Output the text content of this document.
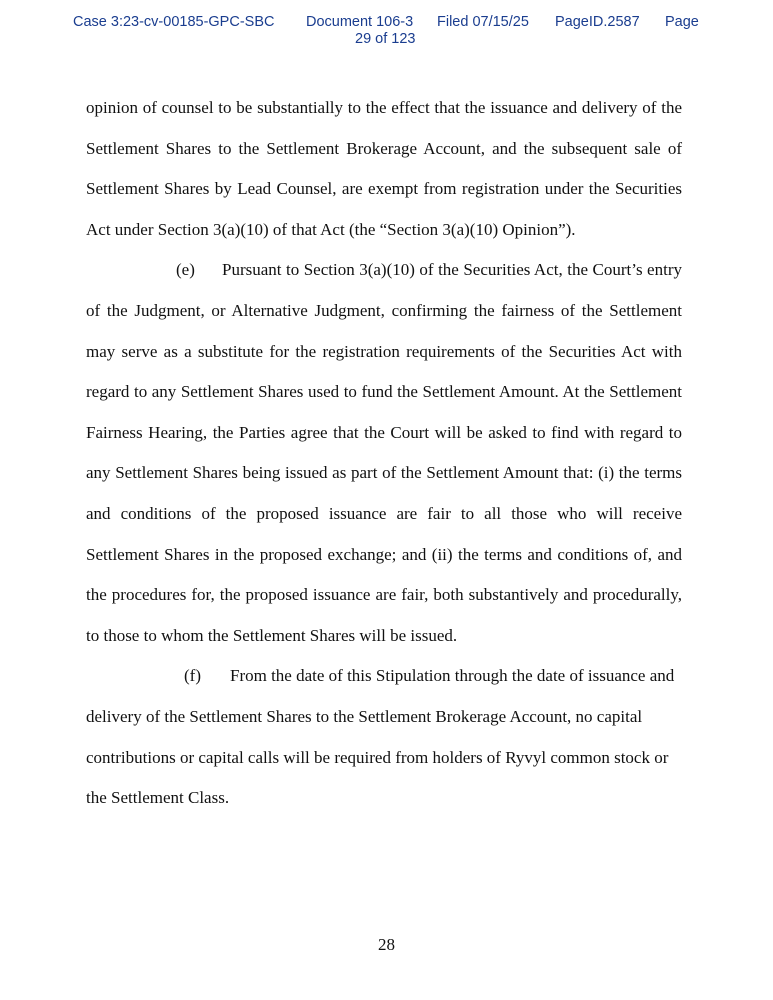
Case 3:23-cv-00185-GPC-SBC Document 106-3
29 of 123
Filed 07/15/25 PageID.2587 Page

opinion of counsel to be substantially to the effect that the issuance and delivery of the Settlement Shares to the Settlement Brokerage Account, and the subsequent sale of Settlement Shares by Lead Counsel, are exempt from registration under the Securities Act under Section 3(a)(10) of that Act (the “Section 3(a)(10) Opinion”).

(e) Pursuant to Section 3(a)(10) of the Securities Act, the Court’s entry of the Judgment, or Alternative Judgment, confirming the fairness of the Settlement may serve as a substitute for the registration requirements of the Securities Act with regard to any Settlement Shares used to fund the Settlement Amount. At the Settlement Fairness Hearing, the Parties agree that the Court will be asked to find with regard to any Settlement Shares being issued as part of the Settlement Amount that: (i) the terms and conditions of the proposed issuance are fair to all those who will receive Settlement Shares in the proposed exchange; and (ii) the terms and conditions of, and the procedures for, the proposed issuance are fair, both substantively and procedurally, to those to whom the Settlement Shares will be issued.

(f) From the date of this Stipulation through the date of issuance and delivery of the Settlement Shares to the Settlement Brokerage Account, no capital contributions or capital calls will be required from holders of Ryvyl common stock or the Settlement Class.

28
